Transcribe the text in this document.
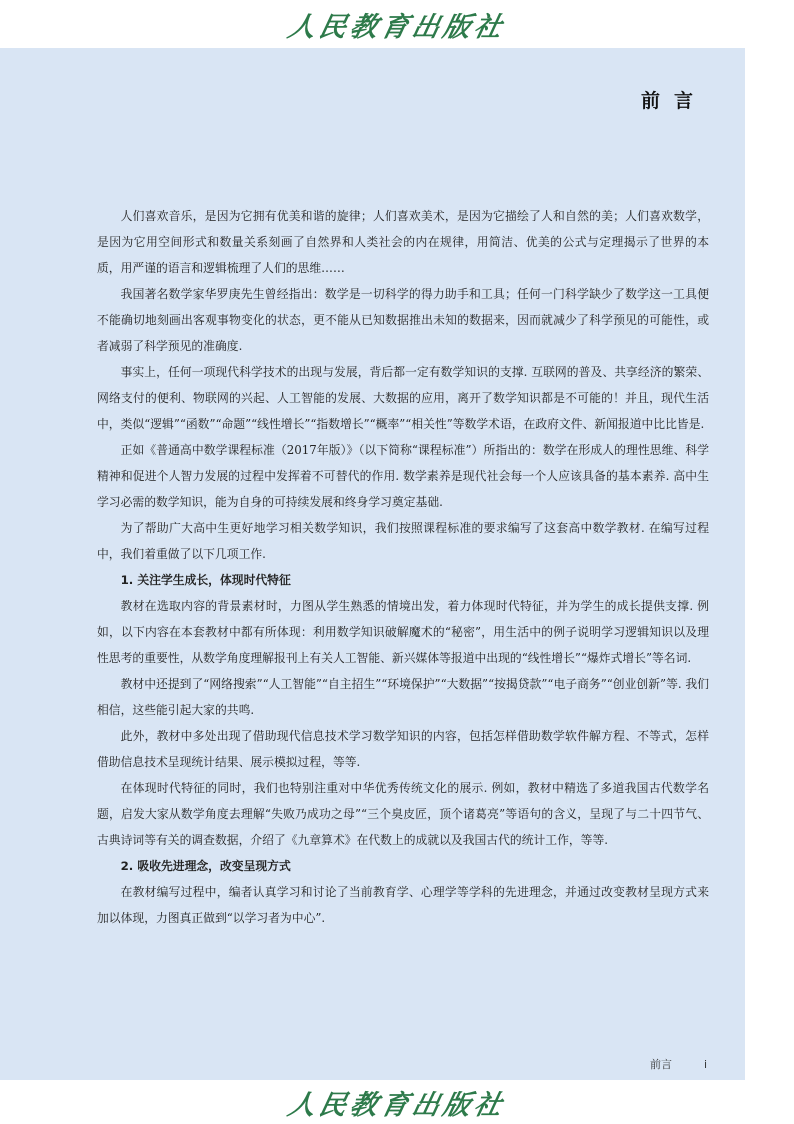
人民教育出版社
前言

人们喜欢音乐，是因为它拥有优美和谐的旋律；人们喜欢美术，是因为它描绘了人和自然的美；人们喜欢数学，是因为它用空间形式和数量关系刻画了自然界和人类社会的内在规律，用简洁、优美的公式与定理揭示了世界的本质，用严谨的语言和逻辑梳理了人们的思维……

我国著名数学家华罗庚先生曾经指出：数学是一切科学的得力助手和工具；任何一门科学缺少了数学这一工具便不能确切地刻画出客观事物变化的状态，更不能从已知数据推出未知的数据来，因而就减少了科学预见的可能性，或者减弱了科学预见的准确度.

事实上，任何一项现代科学技术的出现与发展，背后都一定有数学知识的支撑. 互联网的普及、共享经济的繁荣、网络支付的便利、物联网的兴起、人工智能的发展、大数据的应用，离开了数学知识都是不可能的！并且，现代生活中，类似“逻辑”“函数”“命题”“线性增长”“指数增长”“概率”“相关性”等数学术语，在政府文件、新闻报道中比比皆是.

正如《普通高中数学课程标准（2017年版）》（以下简称“课程标准”）所指出的：数学在形成人的理性思维、科学精神和促进个人智力发展的过程中发挥着不可替代的作用. 数学素养是现代社会每一个人应该具备的基本素养. 高中生学习必需的数学知识，能为自身的可持续发展和终身学习奠定基础.

为了帮助广大高中生更好地学习相关数学知识，我们按照课程标准的要求编写了这套高中数学教材. 在编写过程中，我们着重做了以下几项工作.

1. 关注学生成长，体现时代特征

教材在选取内容的背景素材时，力图从学生熟悉的情境出发，着力体现时代特征，并为学生的成长提供支撑. 例如，以下内容在本套教材中都有所体现：利用数学知识破解魔术的“秘密”，用生活中的例子说明学习逻辑知识以及理性思考的重要性，从数学角度理解报刊上有关人工智能、新兴媒体等报道中出现的“线性增长”“爆炸式增长”等名词.

教材中还提到了“网络搜索”“人工智能”“自主招生”“环境保护”“大数据”“按揭贷款”“电子商务”“创业创新”等. 我们相信，这些能引起大家的共鸣.

此外，教材中多处出现了借助现代信息技术学习数学知识的内容，包括怎样借助数学软件解方程、不等式，怎样借助信息技术呈现统计结果、展示模拟过程，等等.

在体现时代特征的同时，我们也特别注重对中华优秀传统文化的展示. 例如，教材中精选了多道我国古代数学名题，启发大家从数学角度去理解“失败乃成功之母”“三个臭皮匠，顶个诸葛亮”等语句的含义，呈现了与二十四节气、古典诗词等有关的调查数据，介绍了《九章算术》在代数上的成就以及我国古代的统计工作，等等.

2. 吸收先进理念，改变呈现方式

在教材编写过程中，编者认真学习和讨论了当前教育学、心理学等学科的先进理念，并通过改变教材呈现方式来加以体现，力图真正做到“以学习者为中心”.

前言	i
人民教育出版社
